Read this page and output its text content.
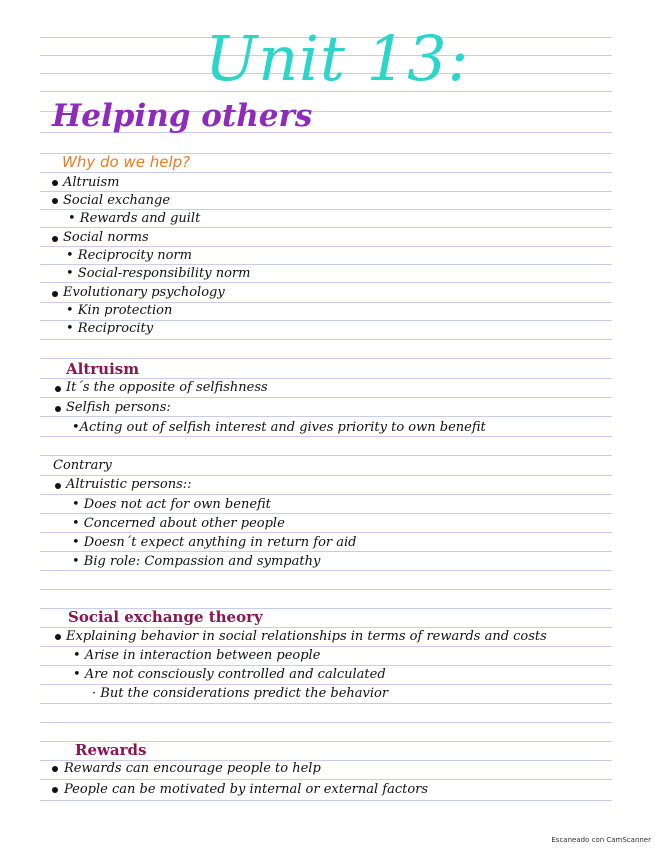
Unit 13:
Helping others
Why do we help?
Altruism
Social exchange
• Rewards and guilt
Social norms
• Reciprocity norm
• Social-responsibility norm
Evolutionary psychology
• Kin protection
• Reciprocity
Altruism
It´s the opposite of selfishness
Selfish persons:
•Acting out of selfish interest and gives priority to own benefit
Contrary
Altruistic persons::
• Does not act for own benefit
• Concerned about other people
• Doesn´t expect anything in return for aid
• Big role: Compassion and sympathy
Social exchange theory
Explaining behavior in social relationships in terms of rewards and costs
• Arise in interaction between people
• Are not consciously controlled and calculated
· But the considerations predict the behavior
Rewards
Rewards can encourage people to help
People can be motivated by internal or external factors
Escaneado con CamScanner
